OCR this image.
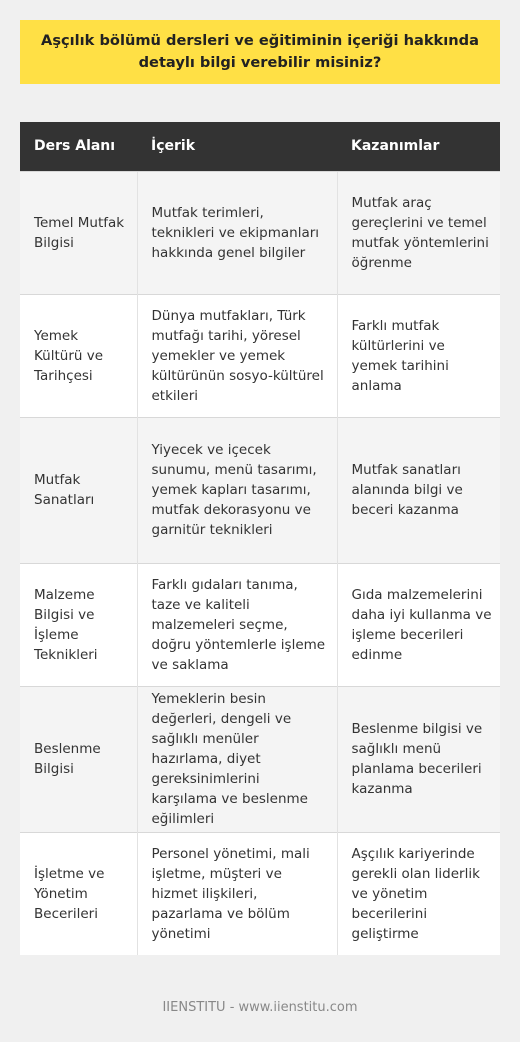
Aşçılık bölümü dersleri ve eğitiminin içeriği hakkında detaylı bilgi verebilir misiniz?
Ders Alanı	İçerik	Kazanımlar
Temel Mutfak Bilgisi	Mutfak terimleri, teknikleri ve ekipmanları hakkında genel bilgiler	Mutfak araç gereçlerini ve temel mutfak yöntemlerini öğrenme
Yemek Kültürü ve Tarihçesi	Dünya mutfakları, Türk mutfağı tarihi, yöresel yemekler ve yemek kültürünün sosyo-kültürel etkileri	Farklı mutfak kültürlerini ve yemek tarihini anlama
Mutfak Sanatları	Yiyecek ve içecek sunumu, menü tasarımı, yemek kapları tasarımı, mutfak dekorasyonu ve garnitür teknikleri	Mutfak sanatları alanında bilgi ve beceri kazanma
Malzeme Bilgisi ve İşleme Teknikleri	Farklı gıdaları tanıma, taze ve kaliteli malzemeleri seçme, doğru yöntemlerle işleme ve saklama	Gıda malzemelerini daha iyi kullanma ve işleme becerileri edinme
Beslenme Bilgisi	Yemeklerin besin değerleri, dengeli ve sağlıklı menüler hazırlama, diyet gereksinimlerini karşılama ve beslenme eğilimleri	Beslenme bilgisi ve sağlıklı menü planlama becerileri kazanma
İşletme ve Yönetim Becerileri	Personel yönetimi, mali işletme, müşteri ve hizmet ilişkileri, pazarlama ve bölüm yönetimi	Aşçılık kariyerinde gerekli olan liderlik ve yönetim becerilerini geliştirme
IIENSTITU - www.iienstitu.com
